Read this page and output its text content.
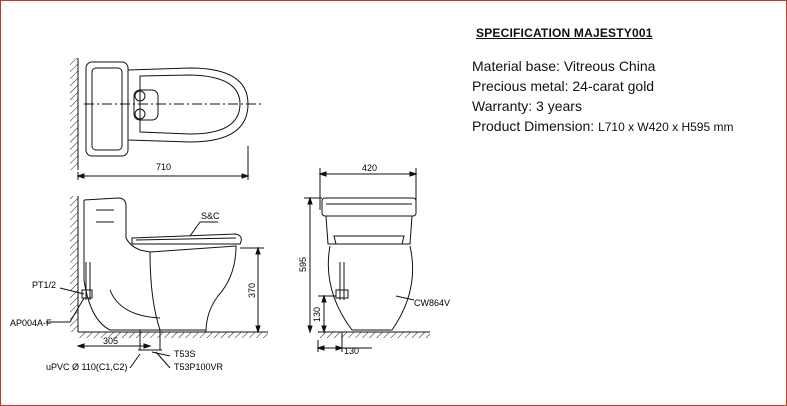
710
S&C
PT1/2
AP004A-F
370
305
T53S
T53P100VR
uPVC Ø 110(C1,C2)
420
595
130
130
CW864V
SPECIFICATION MAJESTY001
Material base: Vitreous China
Precious metal: 24-carat gold
Warranty: 3 years
Product Dimension: L710 x W420 x H595 mm
